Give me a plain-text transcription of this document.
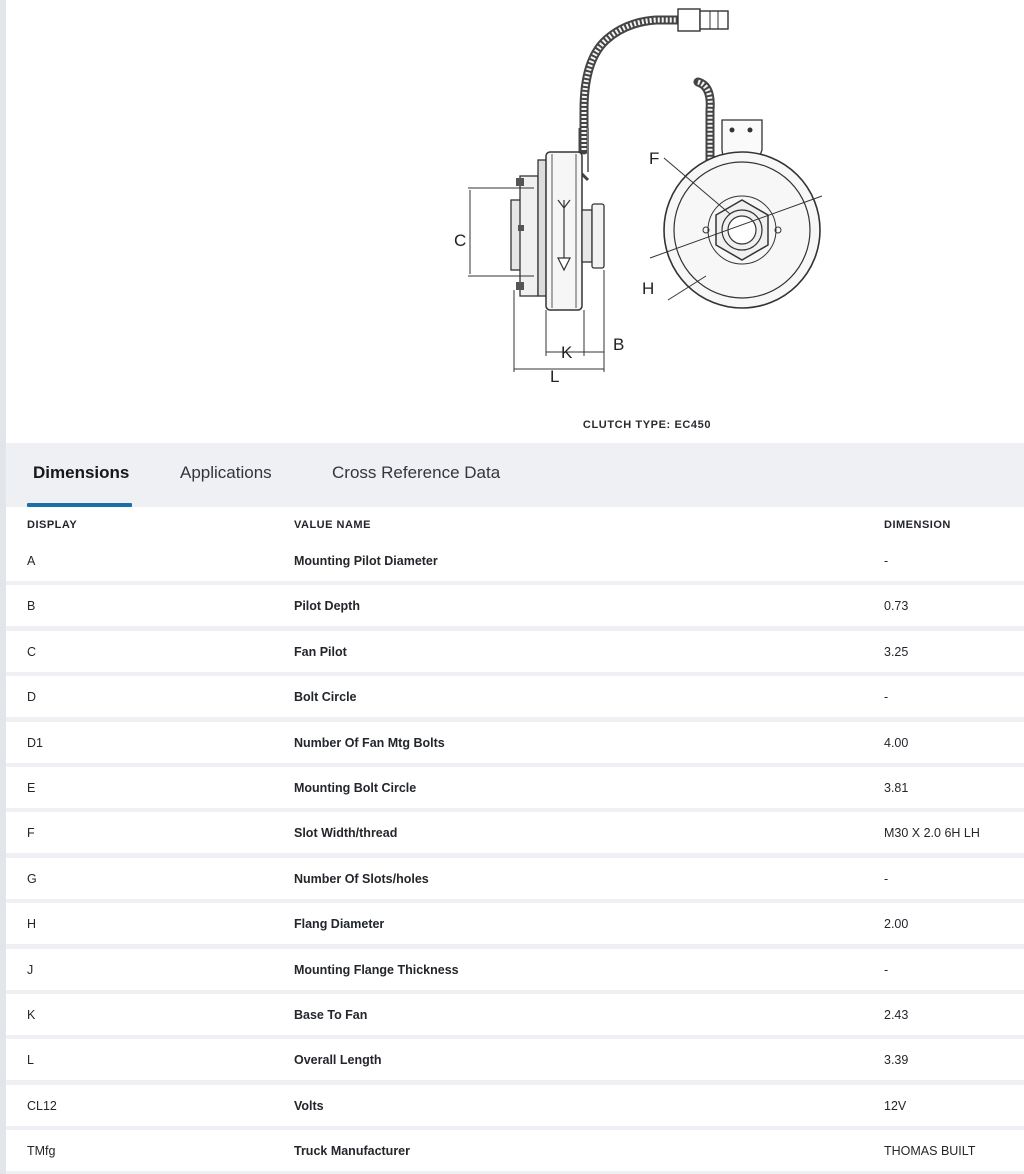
C
K B
L
F
H
CLUTCH TYPE: EC450
Dimensions	Applications	Cross Reference Data
DISPLAY	VALUE NAME	DIMENSION
A	Mounting Pilot Diameter	-
B	Pilot Depth	0.73
C	Fan Pilot	3.25
D	Bolt Circle	-
D1	Number Of Fan Mtg Bolts	4.00
E	Mounting Bolt Circle	3.81
F	Slot Width/thread	M30 X 2.0 6H LH
G	Number Of Slots/holes	-
H	Flang Diameter	2.00
J	Mounting Flange Thickness	-
K	Base To Fan	2.43
L	Overall Length	3.39
CL12	Volts	12V
TMfg	Truck Manufacturer	THOMAS BUILT
